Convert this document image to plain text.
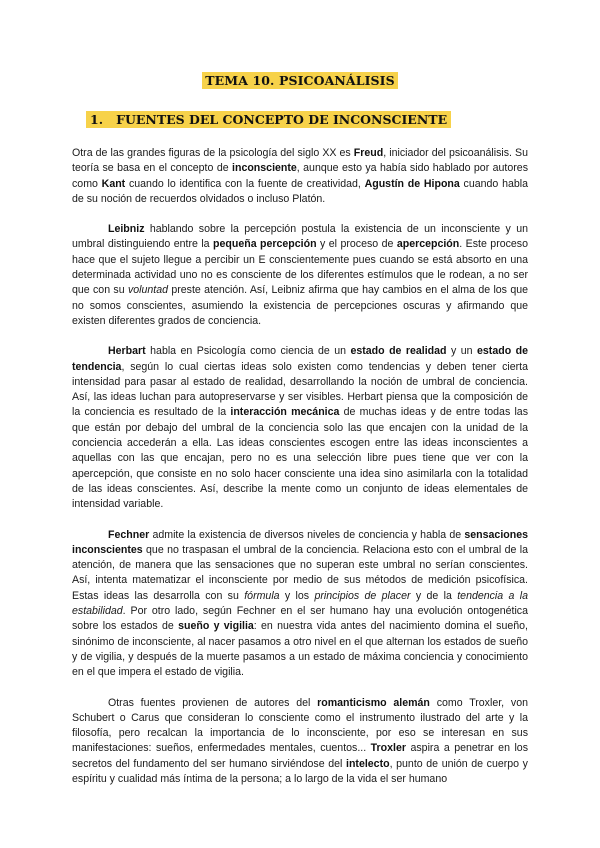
TEMA 10. PSICOANÁLISIS
1.   FUENTES DEL CONCEPTO DE INCONSCIENTE

Otra de las grandes figuras de la psicología del siglo XX es Freud, iniciador del psicoanálisis. Su teoría se basa en el concepto de inconsciente, aunque esto ya había sido hablado por autores como Kant cuando lo identifica con la fuente de creatividad, Agustín de Hipona cuando habla de su noción de recuerdos olvidados o incluso Platón.

Leibniz hablando sobre la percepción postula la existencia de un inconsciente y un umbral distinguiendo entre la pequeña percepción y el proceso de apercepción. Este proceso hace que el sujeto llegue a percibir un E conscientemente pues cuando se está absorto en una determinada actividad uno no es consciente de los diferentes estímulos que le rodean, a no ser que con su voluntad preste atención. Así, Leibniz afirma que hay cambios en el alma de los que no somos conscientes, asumiendo la existencia de percepciones oscuras y afirmando que existen diferentes grados de conciencia.

Herbart habla en Psicología como ciencia de un estado de realidad y un estado de tendencia, según lo cual ciertas ideas solo existen como tendencias y deben tener cierta intensidad para pasar al estado de realidad, desarrollando la noción de umbral de conciencia. Así, las ideas luchan para autopreservarse y ser visibles. Herbart piensa que la composición de la conciencia es resultado de la interacción mecánica de muchas ideas y de entre todas las que están por debajo del umbral de la conciencia solo las que encajen con la unidad de la conciencia accederán a ella. Las ideas conscientes escogen entre las ideas inconscientes a aquellas con las que encajan, pero no es una selección libre pues tiene que ver con la apercepción, que consiste en no solo hacer consciente una idea sino asimilarla con la totalidad de las ideas conscientes. Así, describe la mente como un conjunto de ideas elementales de intensidad variable.

Fechner admite la existencia de diversos niveles de conciencia y habla de sensaciones inconscientes que no traspasan el umbral de la conciencia. Relaciona esto con el umbral de la atención, de manera que las sensaciones que no superan este umbral no serían conscientes. Así, intenta matematizar el inconsciente por medio de sus métodos de medición psicofísica. Estas ideas las desarrolla con su fórmula y los principios de placer y de la tendencia a la estabilidad. Por otro lado, según Fechner en el ser humano hay una evolución ontogenética sobre los estados de sueño y vigilia: en nuestra vida antes del nacimiento domina el sueño, sinónimo de inconsciente, al nacer pasamos a otro nivel en el que alternan los estados de sueño y de vigilia, y después de la muerte pasamos a un estado de máxima conciencia y conocimiento en el que impera el estado de vigilia.

Otras fuentes provienen de autores del romanticismo alemán como Troxler, von Schubert o Carus que consideran lo consciente como el instrumento ilustrado del arte y la filosofía, pero recalcan la importancia de lo inconsciente, por eso se interesan en sus manifestaciones: sueños, enfermedades mentales, cuentos... Troxler aspira a penetrar en los secretos del fundamento del ser humano sirviéndose del intelecto, punto de unión de cuerpo y espíritu y cualidad más íntima de la persona; a lo largo de la vida el ser humano
